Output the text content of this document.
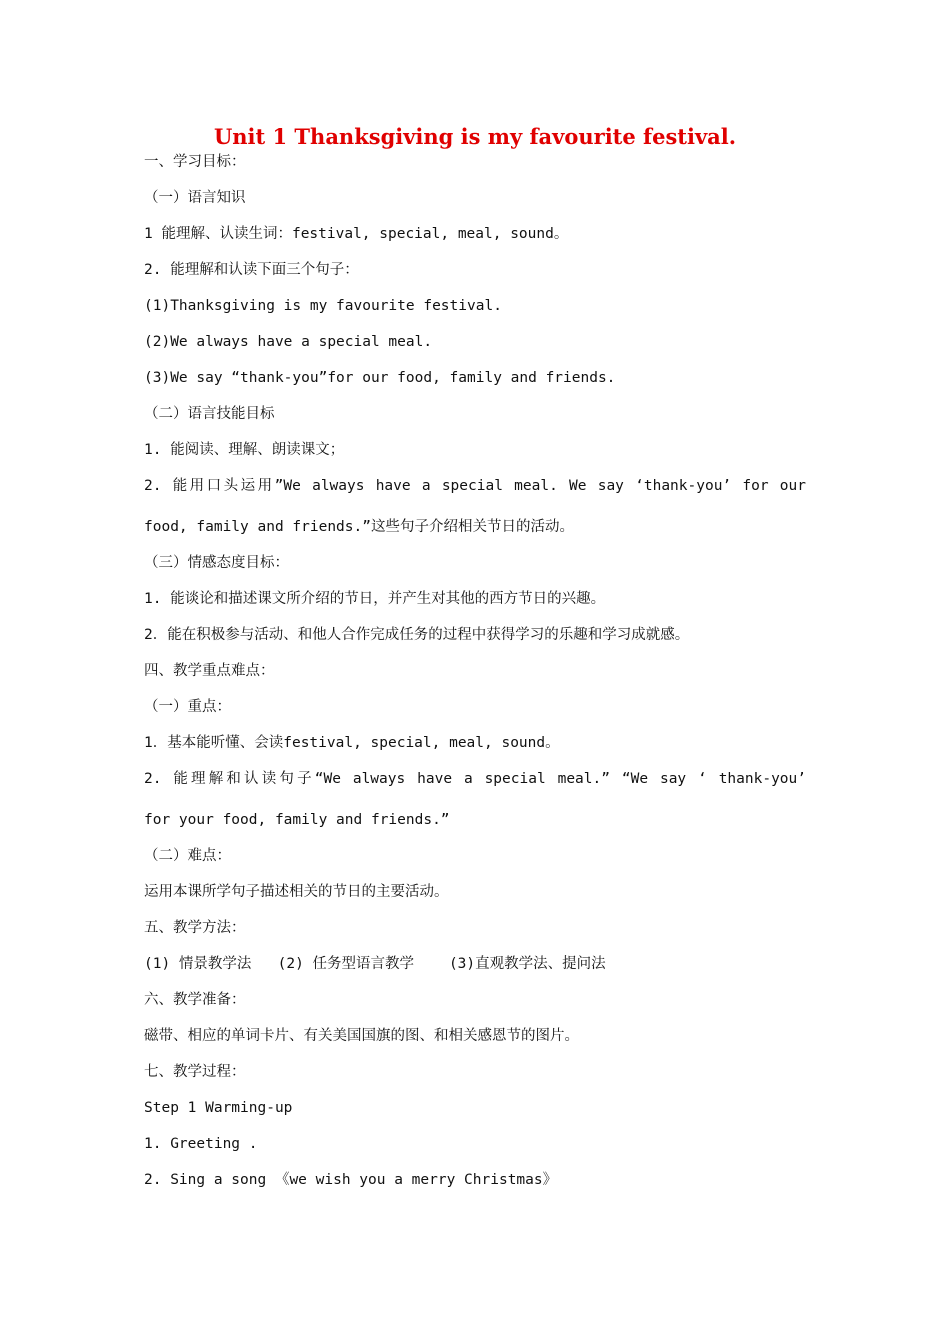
Unit 1 Thanksgiving is my favourite festival.
一、学习目标：
（一）语言知识
1 能理解、认读生词：festival, special, meal, sound。
2. 能理解和认读下面三个句子：
(1)Thanksgiving is my favourite festival.
(2)We always have a special meal.
(3)We say “thank-you”for our food, family and friends.
（二）语言技能目标
1. 能阅读、理解、朗读课文；
2. 能用口头运用”We always have a special meal. We say ‘thank-you’ for our
food, family and friends.”这些句子介绍相关节日的活动。
（三）情感态度目标：
1. 能谈论和描述课文所介绍的节日，并产生对其他的西方节日的兴趣。
2．能在积极参与活动、和他人合作完成任务的过程中获得学习的乐趣和学习成就感。
四、教学重点难点：
（一）重点：
1．基本能听懂、会读festival, special, meal, sound。
2. 能理解和认读句子“We always have a special meal.” “We say ‘ thank-you’
for your food, family and friends.”
（二）难点：
运用本课所学句子描述相关的节日的主要活动。
五、教学方法：
(1) 情景教学法   (2) 任务型语言教学    (3)直观教学法、提问法
六、教学准备：
磁带、相应的单词卡片、有关美国国旗的图、和相关感恩节的图片。
七、教学过程：
Step 1 Warming-up
1. Greeting .
2. Sing a song 《we wish you a merry Christmas》
